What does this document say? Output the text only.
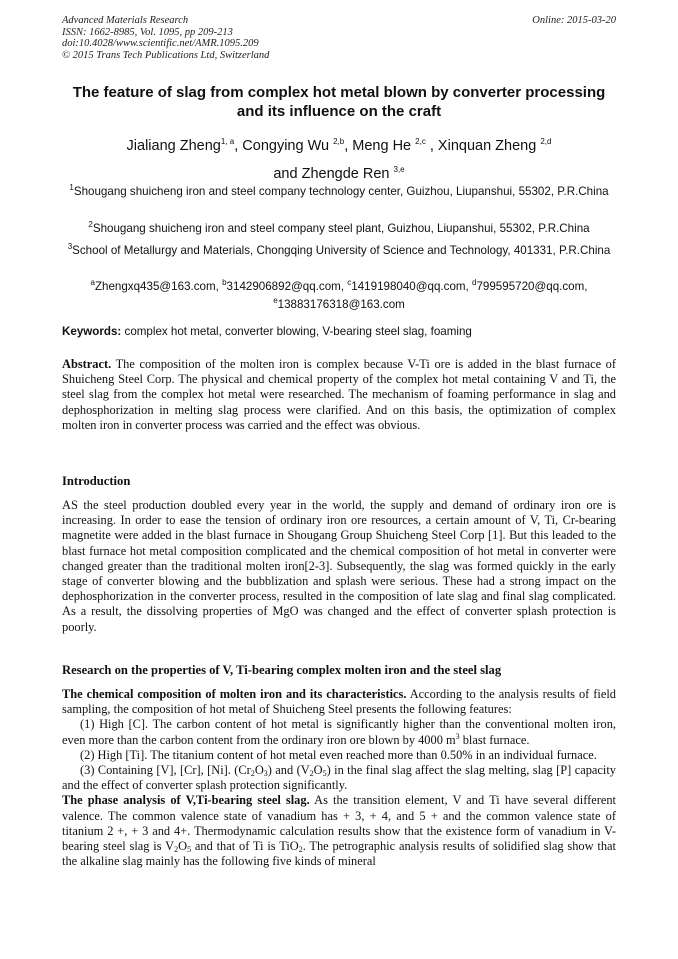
Advanced Materials Research
ISSN: 1662-8985, Vol. 1095, pp 209-213
doi:10.4028/www.scientific.net/AMR.1095.209
© 2015 Trans Tech Publications Ltd, Switzerland
Online: 2015-03-20
The feature of slag from complex hot metal blown by converter processing and its influence on the craft

Jialiang Zheng$^{1, a}$, Congying Wu $^{2,b}$, Meng He $^{2,c}$ , Xinquan Zheng $^{2,d}$
and Zhengde Ren $^{3,e}$

$^1$Shougang shuicheng iron and steel company technology center, Guizhou, Liupanshui, 55302, P.R.China

$^2$Shougang shuicheng iron and steel company steel plant, Guizhou, Liupanshui, 55302, P.R.China

$^3$School of Metallurgy and Materials, Chongqing University of Science and Technology, 401331, P.R.China

$^a$Zhengxq435@163.com, $^b$3142906892@qq.com, $^c$1419198040@qq.com, $^d$799595720@qq.com,
$^e$13883176318@163.com

Keywords: complex hot metal, converter blowing, V-bearing steel slag, foaming

Abstract. The composition of the molten iron is complex because V-Ti ore is added in the blast furnace of Shuicheng Steel Corp. The physical and chemical property of the complex hot metal containing V and Ti, the steel slag from the complex hot metal were researched. The mechanism of foaming performance in slag and dephosphorization in melting slag process were clarified. And on this basis, the optimization of complex molten iron in converter process was carried and the effect was obvious.

Introduction

AS the steel production doubled every year in the world, the supply and demand of ordinary iron ore is increasing. In order to ease the tension of ordinary iron ore resources, a certain amount of V, Ti, Cr-bearing magnetite were added in the blast furnace in Shougang Group Shuicheng Steel Corp [1]. But this leaded to the blast furnace hot metal composition complicated and the chemical composition of hot metal in converter were changed greater than the traditional molten iron[2-3]. Subsequently, the slag was formed quickly in the early stage of converter blowing and the bubblization and splash were serious. These had a strong impact on the dephosphorization in the converter process, resulted in the composition of late slag and final slag complicated. As a result, the dissolving properties of MgO was changed and the effect of converter splash protection is poorly.

Research on the properties of V, Ti-bearing complex molten iron and the steel slag
The chemical composition of molten iron and its characteristics. According to the analysis results of field sampling, the composition of hot metal of Shuicheng Steel presents the following features:
(1) High [C]. The carbon content of hot metal is significantly higher than the conventional molten iron, even more than the carbon content from the ordinary iron ore blown by 4000 $m^3$ blast furnace.
(2) High [Ti]. The titanium content of hot metal even reached more than 0.50% in an individual furnace.
(3) Containing [V], [Cr], [Ni]. $(Cr_2O_3)$ and $(V_2O_5)$ in the final slag affect the slag melting, slag [P] capacity and the effect of converter splash protection significantly.
The phase analysis of V,Ti-bearing steel slag. As the transition element, V and Ti have several different valence. The common valence state of vanadium has + 3, + 4, and 5 + and the common valence state of titanium 2 +, + 3 and 4+. Thermodynamic calculation results show that the existence form of vanadium in V-bearing steel slag is $V_2O_5$ and that of Ti is TiO$_2$. The petrographic analysis results of solidified slag show that the alkaline slag mainly has the following five kinds of mineral
